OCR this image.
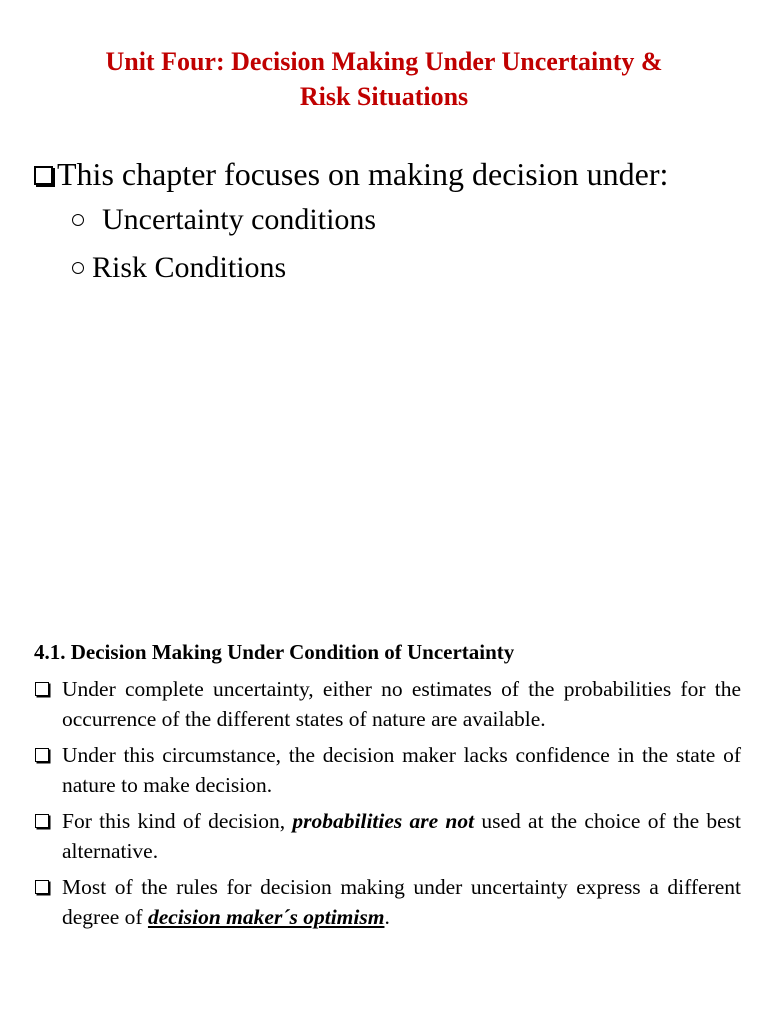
Unit Four: Decision Making Under Uncertainty &
Risk Situations
This chapter focuses on making decision under:
Uncertainty conditions
Risk Conditions
4.1. Decision Making Under Condition of Uncertainty
Under complete uncertainty, either no estimates of the probabilities for the occurrence of the different states of nature are available.
Under this circumstance, the decision maker lacks confidence in the state of nature to make decision.
For this kind of decision, probabilities are not used at the choice of the best alternative.
Most of the rules for decision making under uncertainty express a different degree of decision maker´s optimism.
